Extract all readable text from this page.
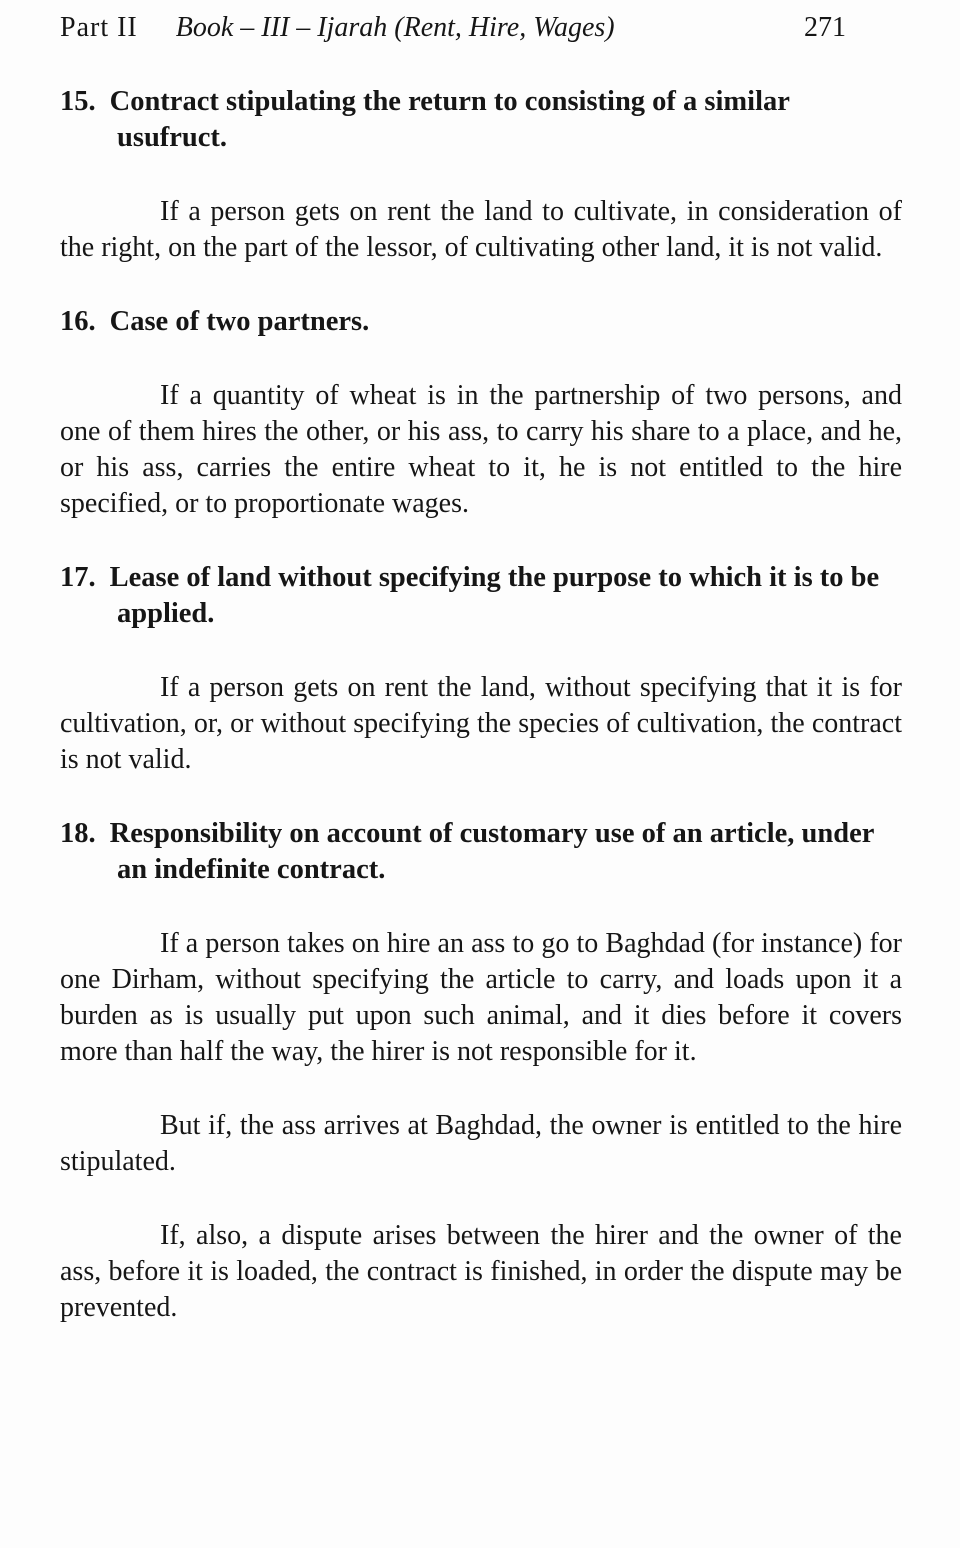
Part II Book – III – Ijarah (Rent, Hire, Wages)	271
15. Contract stipulating the return to consisting of a similar usufruct.

If a person gets on rent the land to cultivate, in consideration of the right, on the part of the lessor, of cultivating other land, it is not valid.

16. Case of two partners.

If a quantity of wheat is in the partnership of two persons, and one of them hires the other, or his ass, to carry his share to a place, and he, or his ass, carries the entire wheat to it, he is not entitled to the hire specified, or to proportionate wages.

17. Lease of land without specifying the purpose to which it is to be applied.

If a person gets on rent the land, without specifying that it is for cultivation, or, or without specifying the species of cultivation, the contract is not valid.

18. Responsibility on account of customary use of an article, under an indefinite contract.

If a person takes on hire an ass to go to Baghdad (for instance) for one Dirham, without specifying the article to carry, and loads upon it a burden as is usually put upon such animal, and it dies before it covers more than half the way, the hirer is not responsible for it.

But if, the ass arrives at Baghdad, the owner is entitled to the hire stipulated.

If, also, a dispute arises between the hirer and the owner of the ass, before it is loaded, the contract is finished, in order the dispute may be prevented.
